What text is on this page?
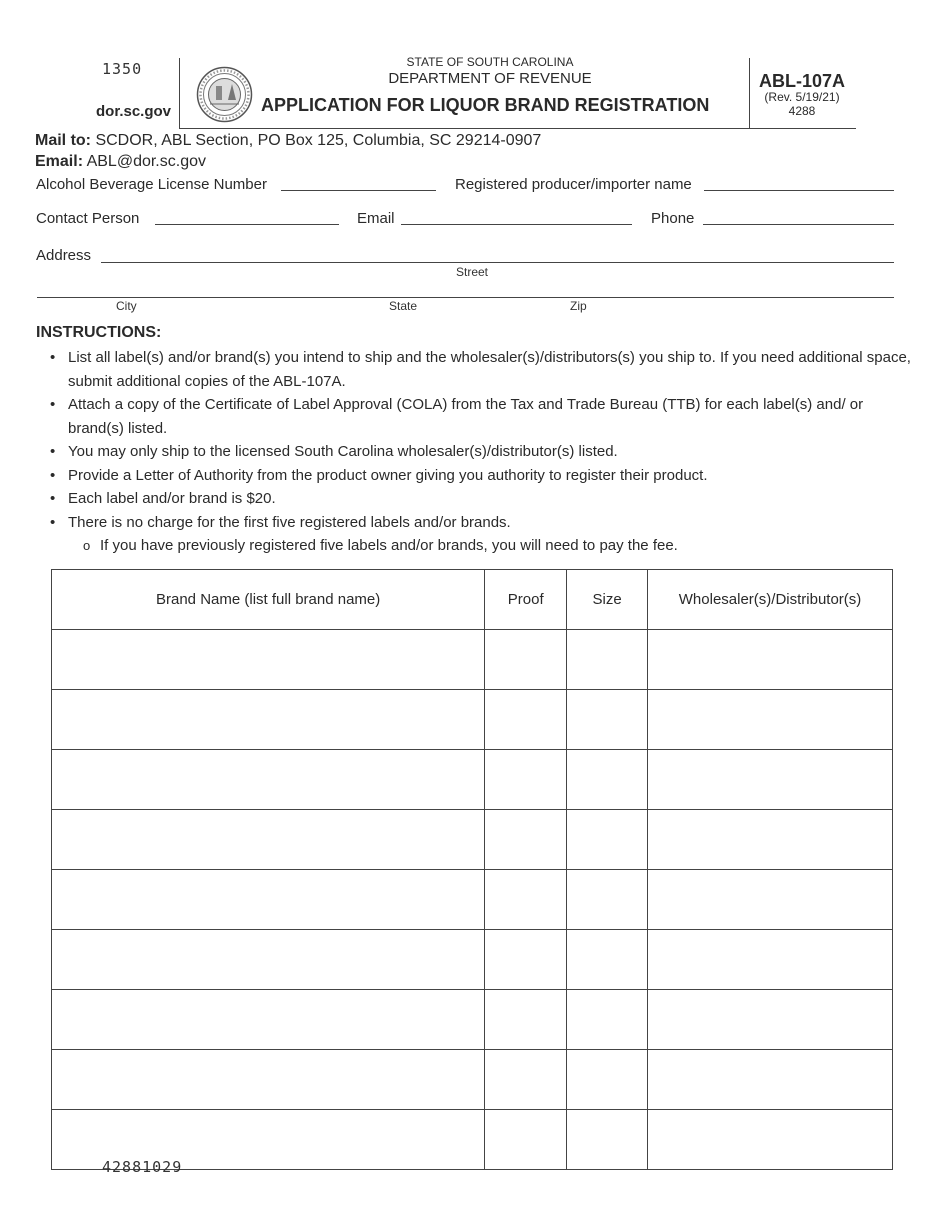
1350
dor.sc.gov
STATE OF SOUTH CAROLINA
DEPARTMENT OF REVENUE
APPLICATION FOR LIQUOR BRAND REGISTRATION
ABL-107A
(Rev. 5/19/21)
4288
Mail to: SCDOR, ABL Section, PO Box 125, Columbia, SC 29214-0907
Email: ABL@dor.sc.gov
Alcohol Beverage License Number	Registered producer/importer name
Contact Person	Email	Phone
Address
Street
City	State	Zip
INSTRUCTIONS:
• List all label(s) and/or brand(s) you intend to ship and the wholesaler(s)/distributors(s) you ship to. If you need additional space, submit additional copies of the ABL-107A.
• Attach a copy of the Certificate of Label Approval (COLA) from the Tax and Trade Bureau (TTB) for each label(s) and/ or brand(s) listed.
• You may only ship to the licensed South Carolina wholesaler(s)/distributor(s) listed.
• Provide a Letter of Authority from the product owner giving you authority to register their product.
• Each label and/or brand is $20.
• There is no charge for the first five registered labels and/or brands.
o If you have previously registered five labels and/or brands, you will need to pay the fee.
Brand Name (list full brand name)	Proof	Size	Wholesaler(s)/Distributor(s)

42881029
